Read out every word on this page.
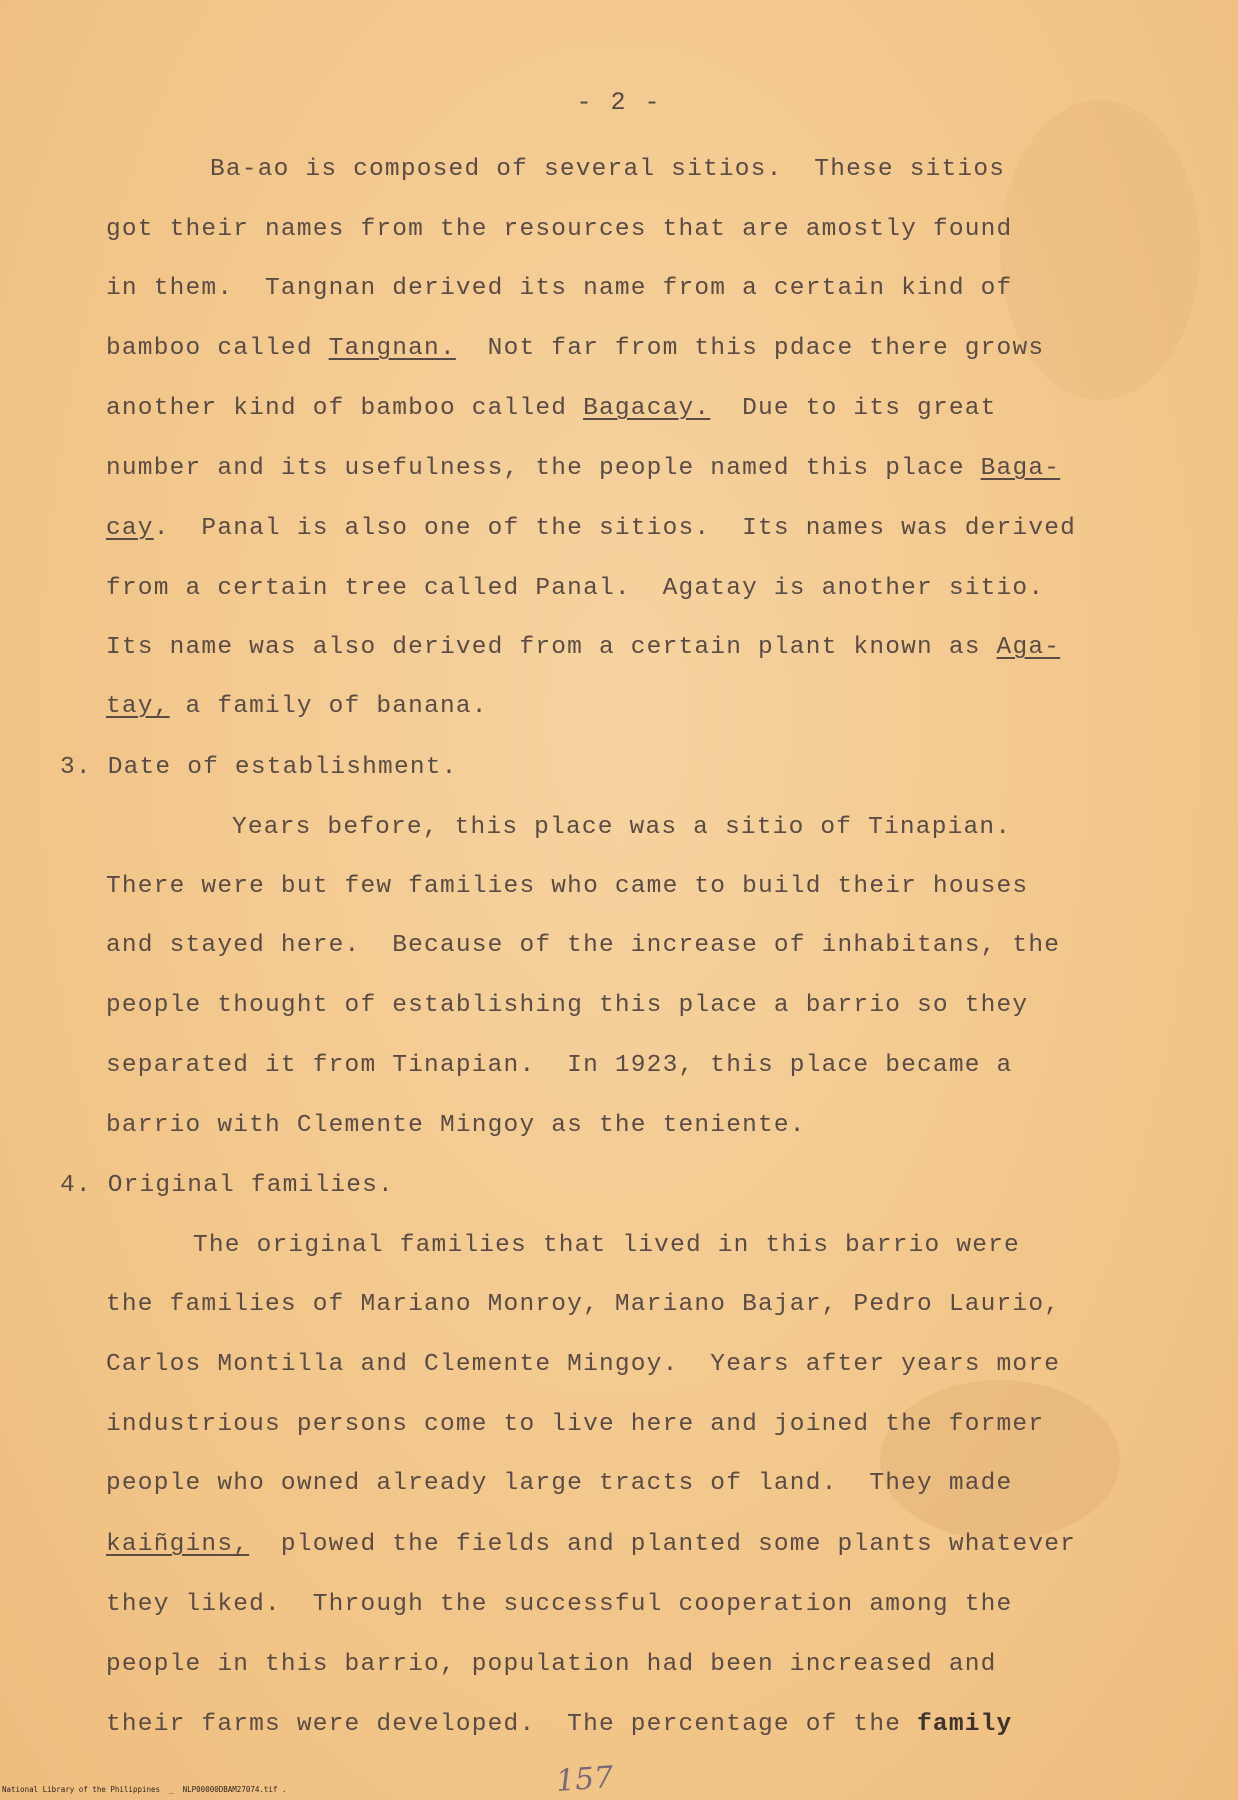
- 2 -
Ba-ao is composed of several sitios.  These sitios
got their names from the resources that are amostly found
in them.  Tangnan derived its name from a certain kind of
bamboo called Tangnan.  Not far from this pdace there grows
another kind of bamboo called Bagacay.  Due to its great
number and its usefulness, the people named this place Baga-
cay.  Panal is also one of the sitios.  Its names was derived
from a certain tree called Panal.  Agatay is another sitio.
Its name was also derived from a certain plant known as Aga-
tay, a family of banana.
3. Date of establishment.
Years before, this place was a sitio of Tinapian.
There were but few families who came to build their houses
and stayed here.  Because of the increase of inhabitans, the
people thought of establishing this place a barrio so they
separated it from Tinapian.  In 1923, this place became a
barrio with Clemente Mingoy as the teniente.
4. Original families.
The original families that lived in this barrio were
the families of Mariano Monroy, Mariano Bajar, Pedro Laurio,
Carlos Montilla and Clemente Mingoy.  Years after years more
industrious persons come to live here and joined the former
people who owned already large tracts of land.  They made
kaiñgins,  plowed the fields and planted some plants whatever
they liked.  Through the successful cooperation among the
people in this barrio, population had been increased and
their farms were developed.  The percentage of the family
National Library of the Philippines  _  NLP00000DBAM27074.tif .	157
